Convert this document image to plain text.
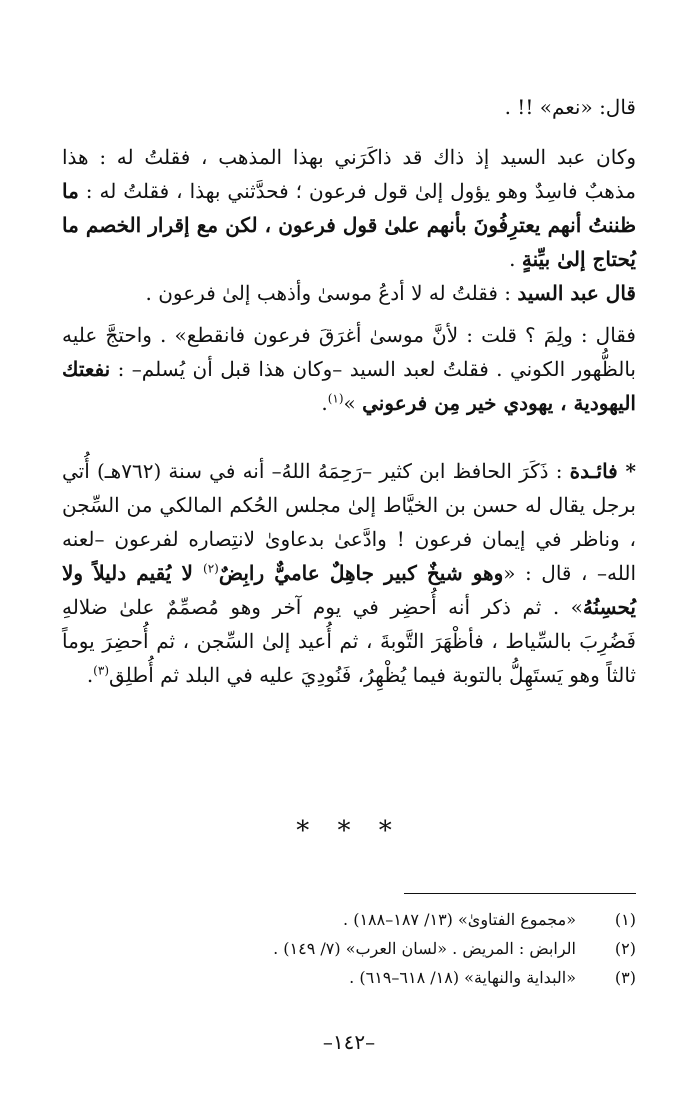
قال: «نعم» !! .

وكان عبد السيد إذ ذاك قد ذاكَرَني بهذا المذهب ، فقلتُ له : هذا مذهبٌ فاسِدٌ وهو يؤول إلىٰ قول فرعون ؛ فحدَّثني بهذا ، فقلتُ له : ما ظننتُ أنهم يعترِفُونَ بأنهم علىٰ قول فرعون ، لكن مع إقرار الخصم ما يُحتاج إلىٰ بيِّنةٍ .

قال عبد السيد : فقلتُ له لا أدعُ موسىٰ وأذهب إلىٰ فرعون .

فقال : ولِمَ ؟ قلت : لأنَّ موسىٰ أغرَقَ فرعون فانقطع» . واحتجَّ عليه بالظُّهور الكوني . فقلتُ لعبد السيد –وكان هذا قبل أن يُسلم– : نفعتك اليهودية ، يهودي خير مِن فرعوني »$^{(١)}$.

* فائـدة : ذَكَرَ الحافظ ابن كثير –رَحِمَهُ اللهُ– أنه في سنة (٧٦٢هـ) أُتي برجل يقال له حسن بن الخيَّاط إلىٰ مجلس الحُكم المالكي من السِّجن ، وناظر في إيمان فرعون ! وادَّعىٰ بدعاوىٰ لانتِصاره لفرعون –لعنه الله– ، قال : «وهو شيخٌ كبير جاهِلٌ عاميٌّ رابِضٌ$^{(٢)}$ لا يُقيم دليلاً ولا يُحسِنُهُ» . ثم ذكر أنه أُحضِر في يوم آخر وهو مُصمِّمٌ علىٰ ضلالهِ فَضُرِبَ بالسِّياط ، فأظْهَرَ التَّوبةَ ، ثم أُعيد إلىٰ السِّجن ، ثم أُحضِرَ يوماً ثالثاً وهو يَستَهِلُّ بالتوبة فيما يُظْهِرُ، فَنُودِيَ عليه في البلد ثم أُطلِق$^{(٣)}$.

* * *
(١)«مجموع الفتاوىٰ» (١٣/ ١٨٧–١٨٨) .
(٢)الرابض : المريض . «لسان العرب» (٧/ ١٤٩) .
(٣)«البداية والنهاية» (١٨/ ٦١٨–٦١٩) .
–١٤٢–
